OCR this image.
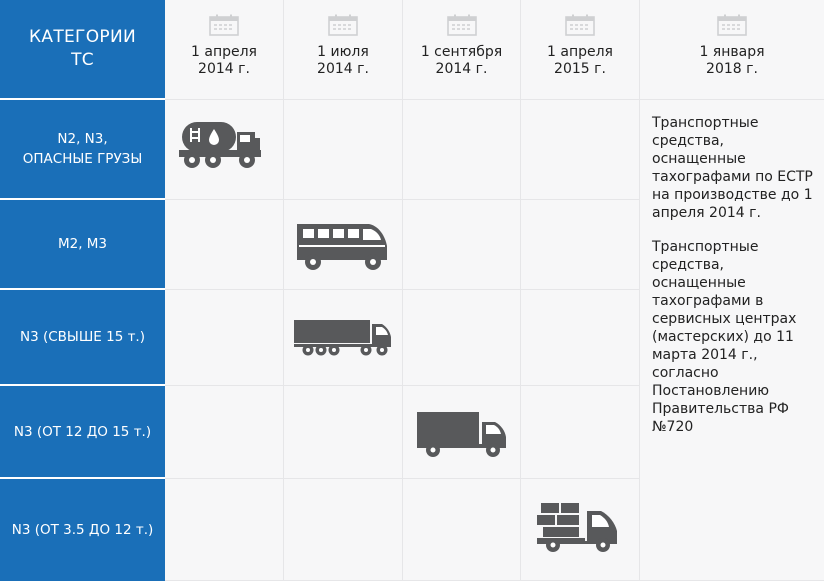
КАТЕГОРИИ
ТС	1 апреля
2014 г.
1 июля
2014 г.
1 сентября
2014 г.
1 апреля
2015 г.
1 января
2018 г.
N2, N3,
ОПАСНЫЕ ГРУЗЫ
M2, M3
N3 (СВЫШЕ 15 т.)
N3 (ОТ 12 ДО 15 т.)
N3 (ОТ 3.5 ДО 12 т.)

Транспортные средства, оснащенные тахографами по ЕСТР на производстве до 1 апреля 2014 г.

Транспортные средства, оснащенные тахографами в сервисных центрах (мастерских) до 11 марта 2014 г., согласно Постановлению Правительства РФ №720
